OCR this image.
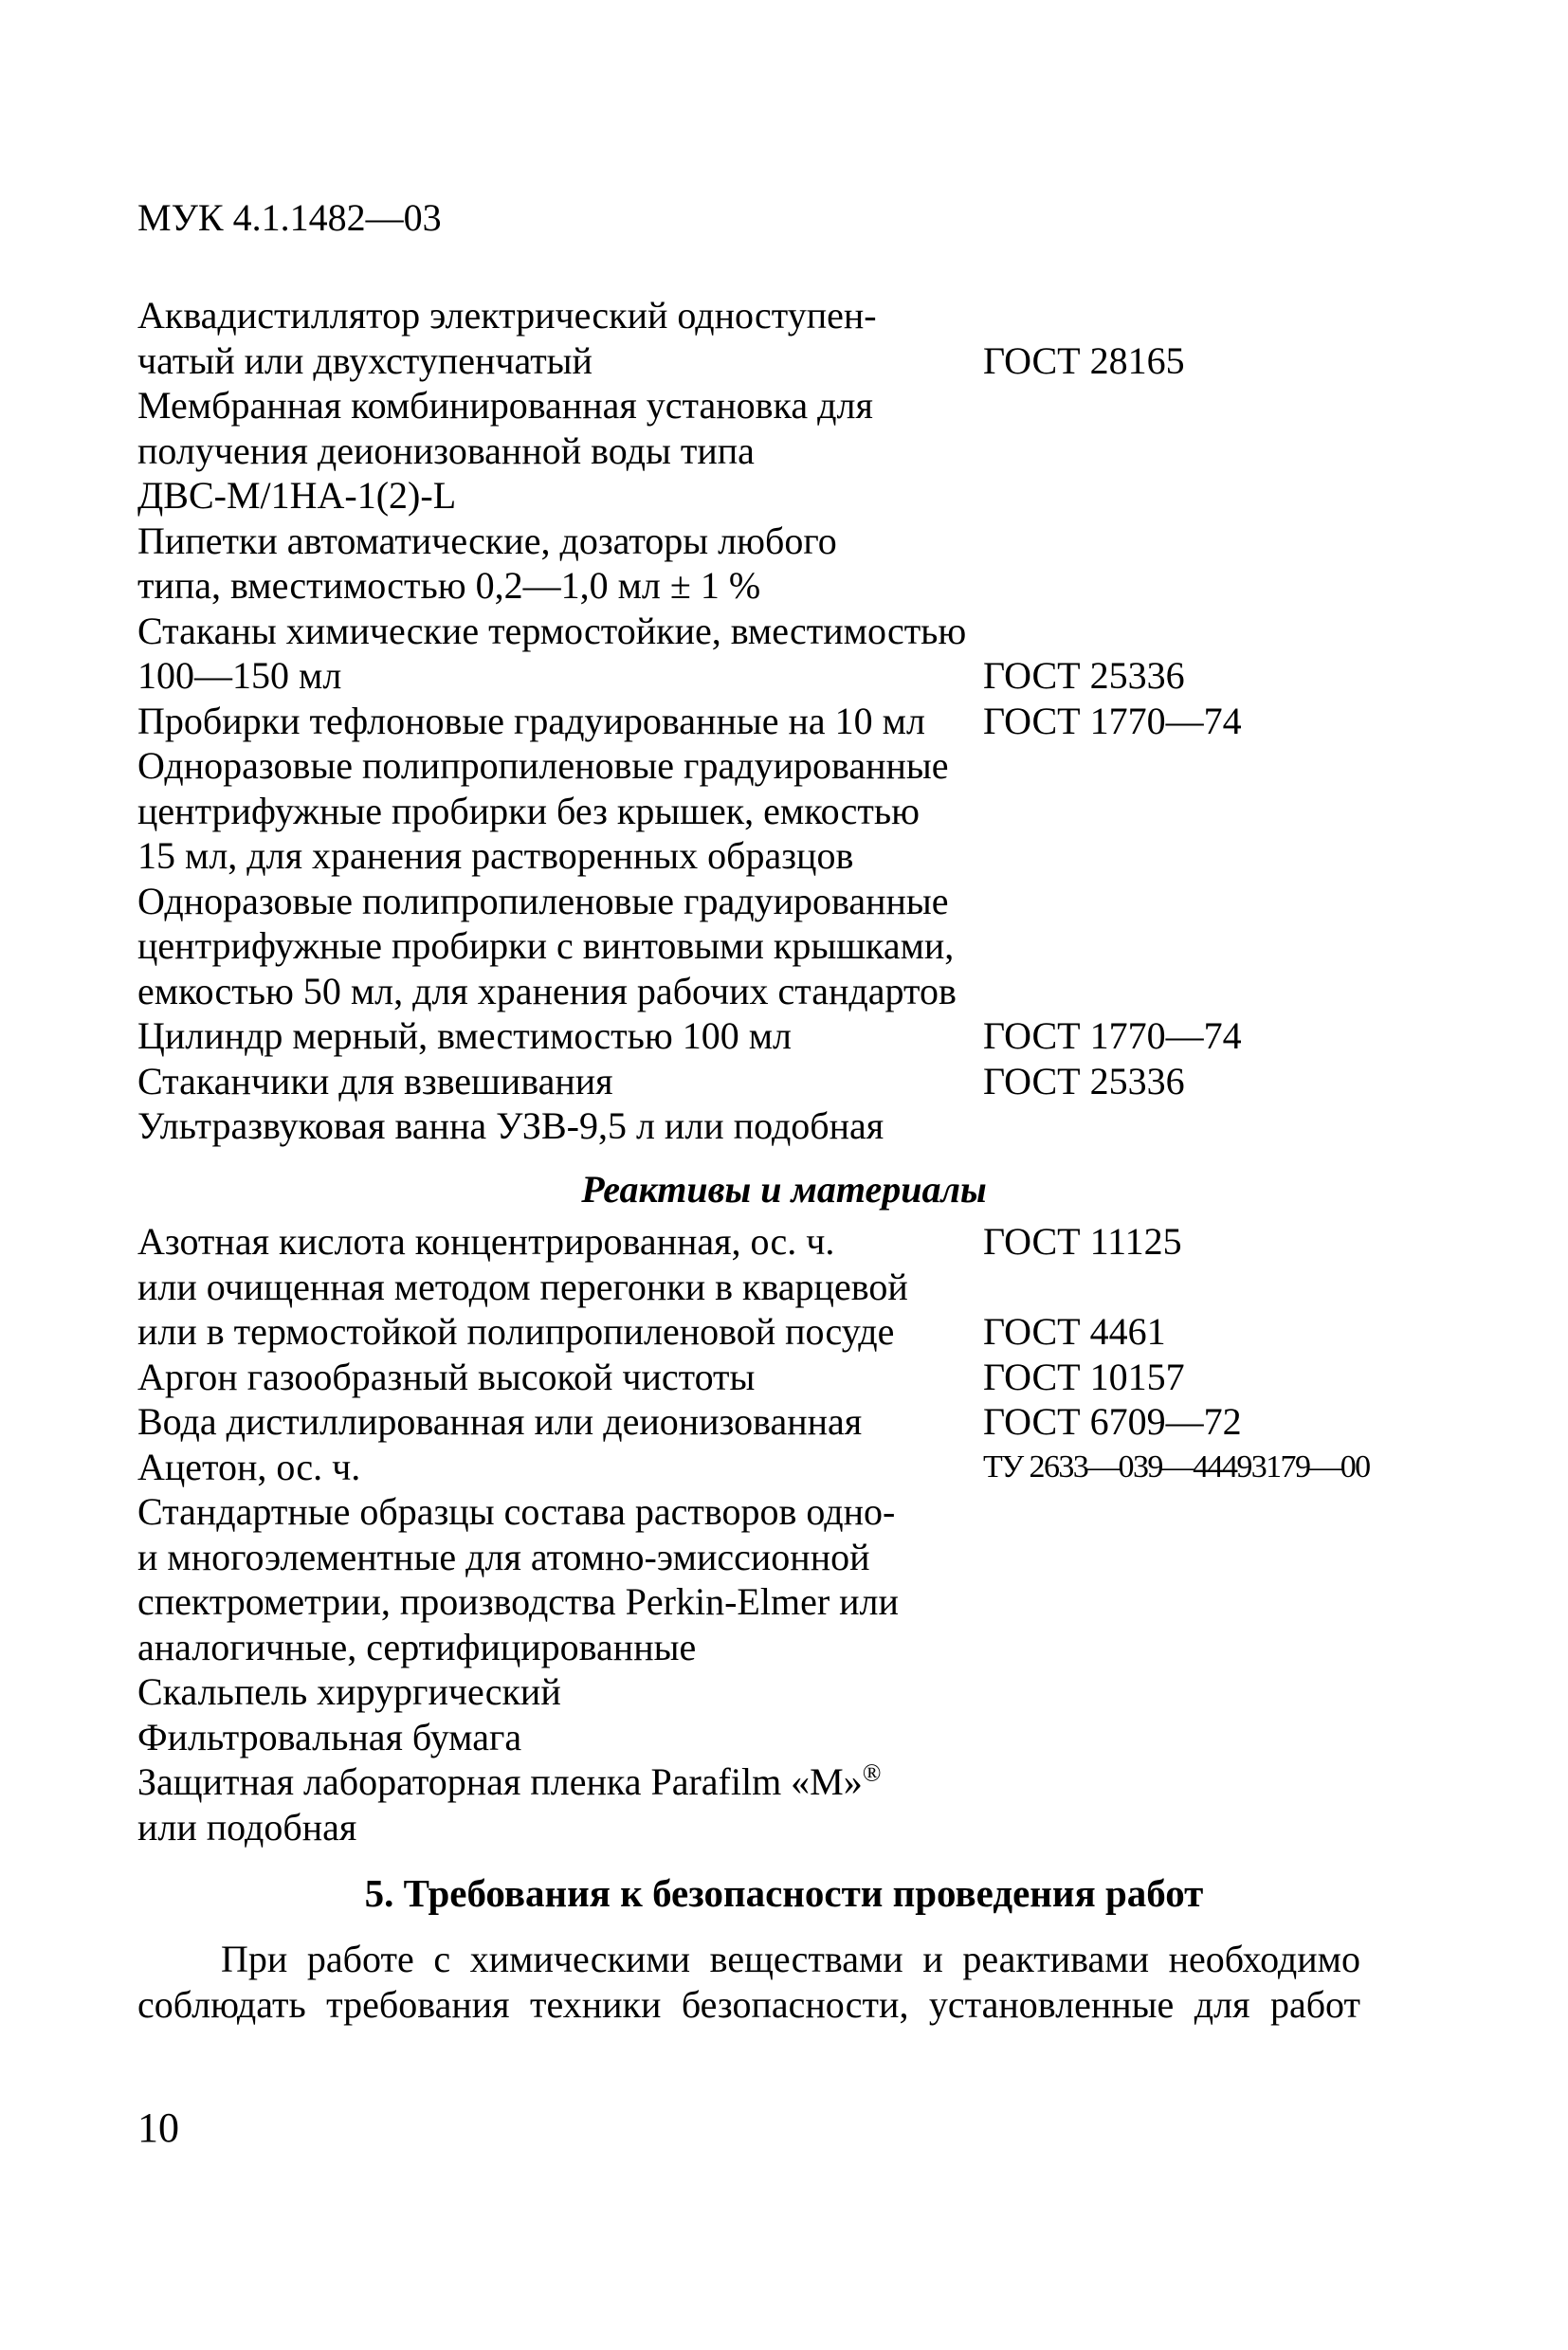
МУК 4.1.1482—03
Аквадистиллятор электрический одноступен-
чатый или двухступенчатый	ГОСТ 28165
Мембранная комбинированная установка для
получения деионизованной воды типа
ДВС-М/1НА-1(2)-L
Пипетки автоматические, дозаторы любого
типа, вместимостью 0,2—1,0 мл ± 1 %
Стаканы химические термостойкие, вместимостью
100—150 мл	ГОСТ 25336
Пробирки тефлоновые градуированные на 10 мл	ГОСТ 1770—74
Одноразовые полипропиленовые градуированные
центрифужные пробирки без крышек, емкостью
15 мл, для хранения растворенных образцов
Одноразовые полипропиленовые градуированные
центрифужные пробирки с винтовыми крышками,
емкостью 50 мл, для хранения рабочих стандартов
Цилиндр мерный, вместимостью 100 мл	ГОСТ 1770—74
Стаканчики для взвешивания	ГОСТ 25336
Ультразвуковая ванна УЗВ-9,5 л или подобная
Реактивы и материалы
Азотная кислота концентрированная, ос. ч.	ГОСТ 11125
или очищенная методом перегонки в кварцевой
или в термостойкой полипропиленовой посуде	ГОСТ 4461
Аргон газообразный высокой чистоты	ГОСТ 10157
Вода дистиллированная или деионизованная	ГОСТ 6709—72
Ацетон, ос. ч.	ТУ 2633—039—44493179—00
Стандартные образцы состава растворов одно-
и многоэлементные для атомно-эмиссионной
спектрометрии, производства Perkin-Elmer или
аналогичные, сертифицированные
Скальпель хирургический
Фильтровальная бумага
Защитная лабораторная пленка Parafilm «M»®
или подобная
5. Требования к безопасности проведения работ
При работе с химическими веществами и реактивами необходимо
соблюдать требования техники безопасности, установленные для работ
10
